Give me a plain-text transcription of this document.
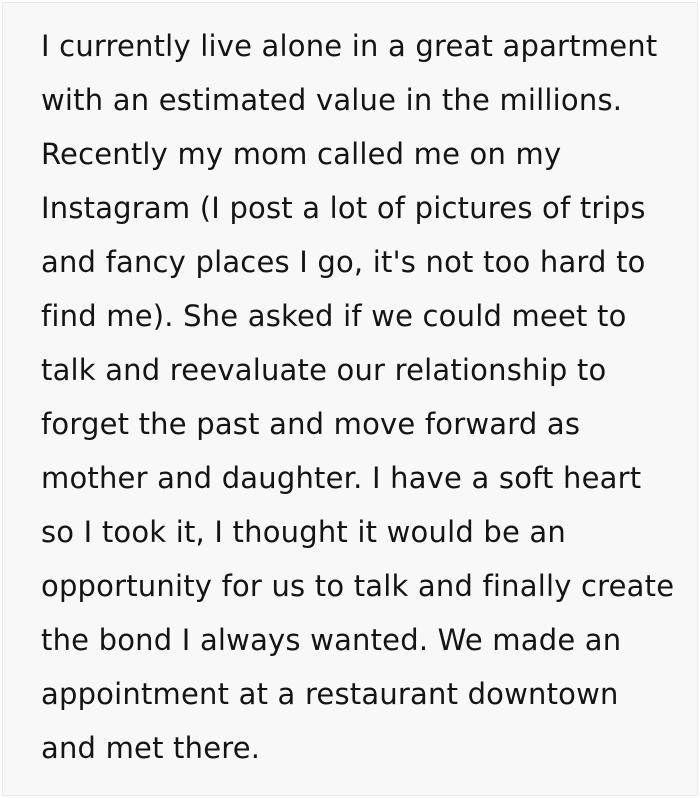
I currently live alone in a great apartment
with an estimated value in the millions.
Recently my mom called me on my
Instagram (I post a lot of pictures of trips
and fancy places I go, it's not too hard to
find me). She asked if we could meet to
talk and reevaluate our relationship to
forget the past and move forward as
mother and daughter. I have a soft heart
so I took it, I thought it would be an
opportunity for us to talk and finally create
the bond I always wanted. We made an
appointment at a restaurant downtown
and met there.
